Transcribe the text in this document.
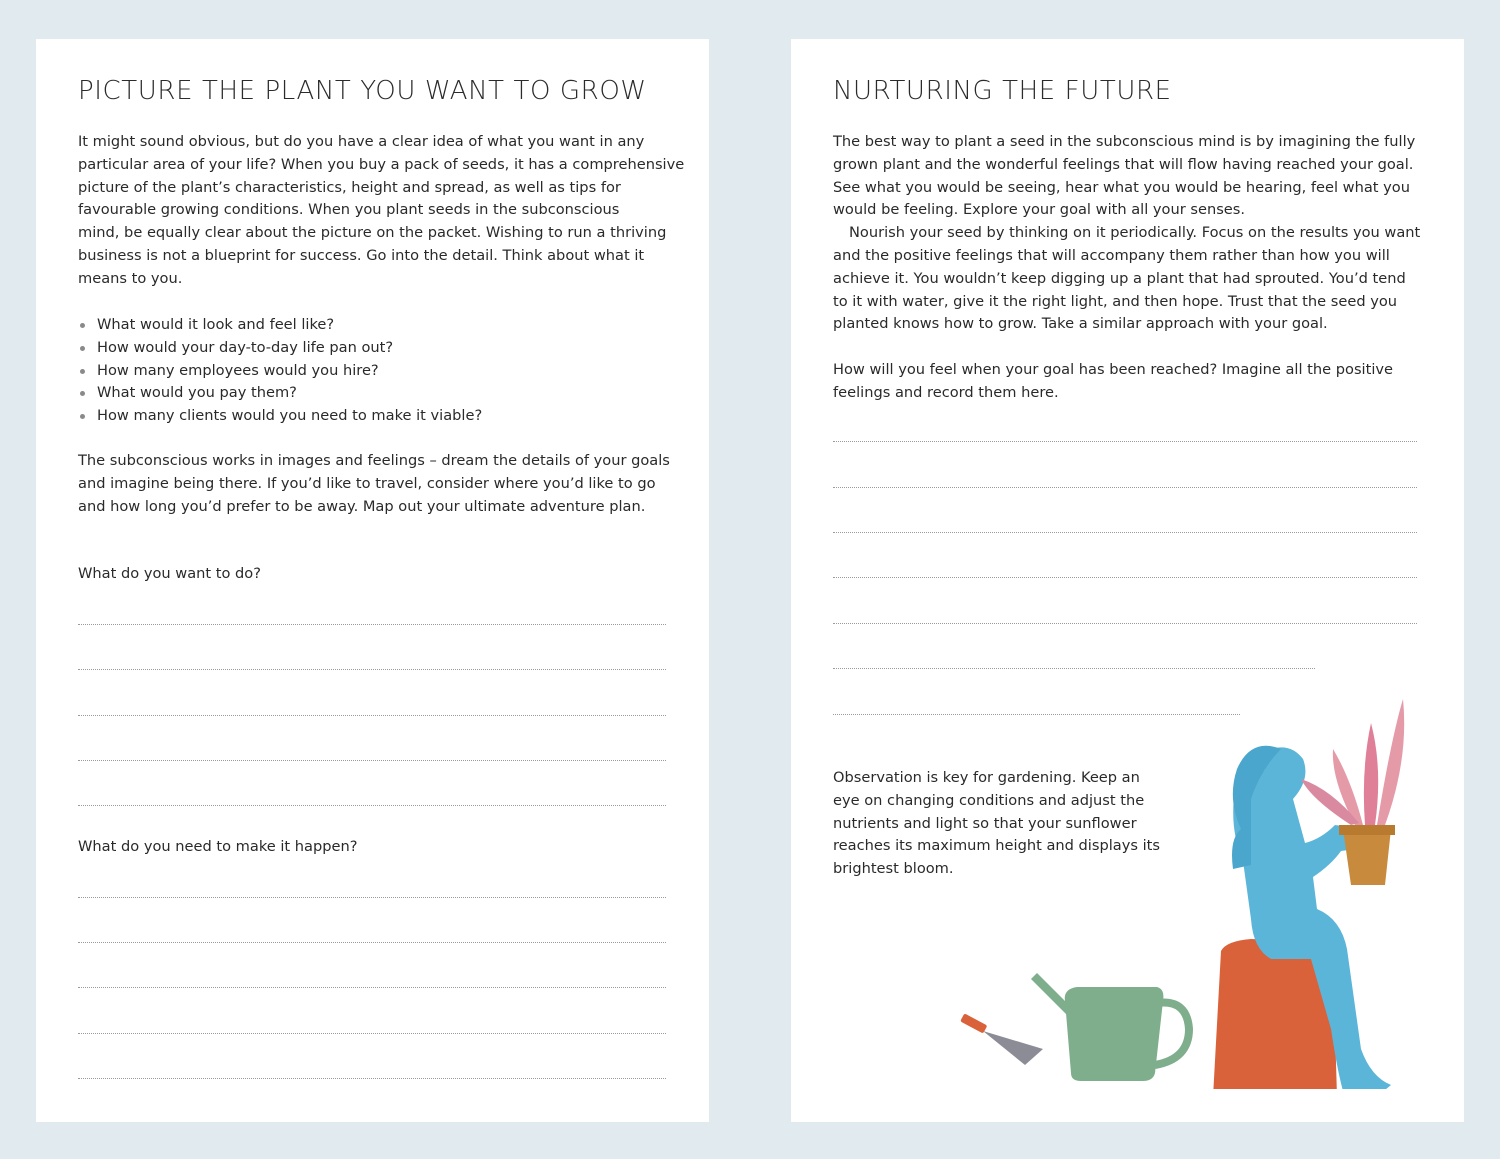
PICTURE THE PLANT YOU WANT TO GROW
It might sound obvious, but do you have a clear idea of what you want in any
particular area of your life? When you buy a pack of seeds, it has a comprehensive
picture of the plant’s characteristics, height and spread, as well as tips for
favourable growing conditions. When you plant seeds in the subconscious
mind, be equally clear about the picture on the packet. Wishing to run a thriving
business is not a blueprint for success. Go into the detail. Think about what it
means to you.
What would it look and feel like?
How would your day-to-day life pan out?
How many employees would you hire?
What would you pay them?
How many clients would you need to make it viable?
The subconscious works in images and feelings – dream the details of your goals
and imagine being there. If you’d like to travel, consider where you’d like to go
and how long you’d prefer to be away. Map out your ultimate adventure plan.
What do you want to do?
What do you need to make it happen?
NURTURING THE FUTURE
The best way to plant a seed in the subconscious mind is by imagining the fully
grown plant and the wonderful feelings that will flow having reached your goal.
See what you would be seeing, hear what you would be hearing, feel what you
would be feeling. Explore your goal with all your senses.
Nourish your seed by thinking on it periodically. Focus on the results you want
and the positive feelings that will accompany them rather than how you will
achieve it. You wouldn’t keep digging up a plant that had sprouted. You’d tend
to it with water, give it the right light, and then hope. Trust that the seed you
planted knows how to grow. Take a similar approach with your goal.
How will you feel when your goal has been reached? Imagine all the positive
feelings and record them here.
Observation is key for gardening. Keep an
eye on changing conditions and adjust the
nutrients and light so that your sunflower
reaches its maximum height and displays its
brightest bloom.
